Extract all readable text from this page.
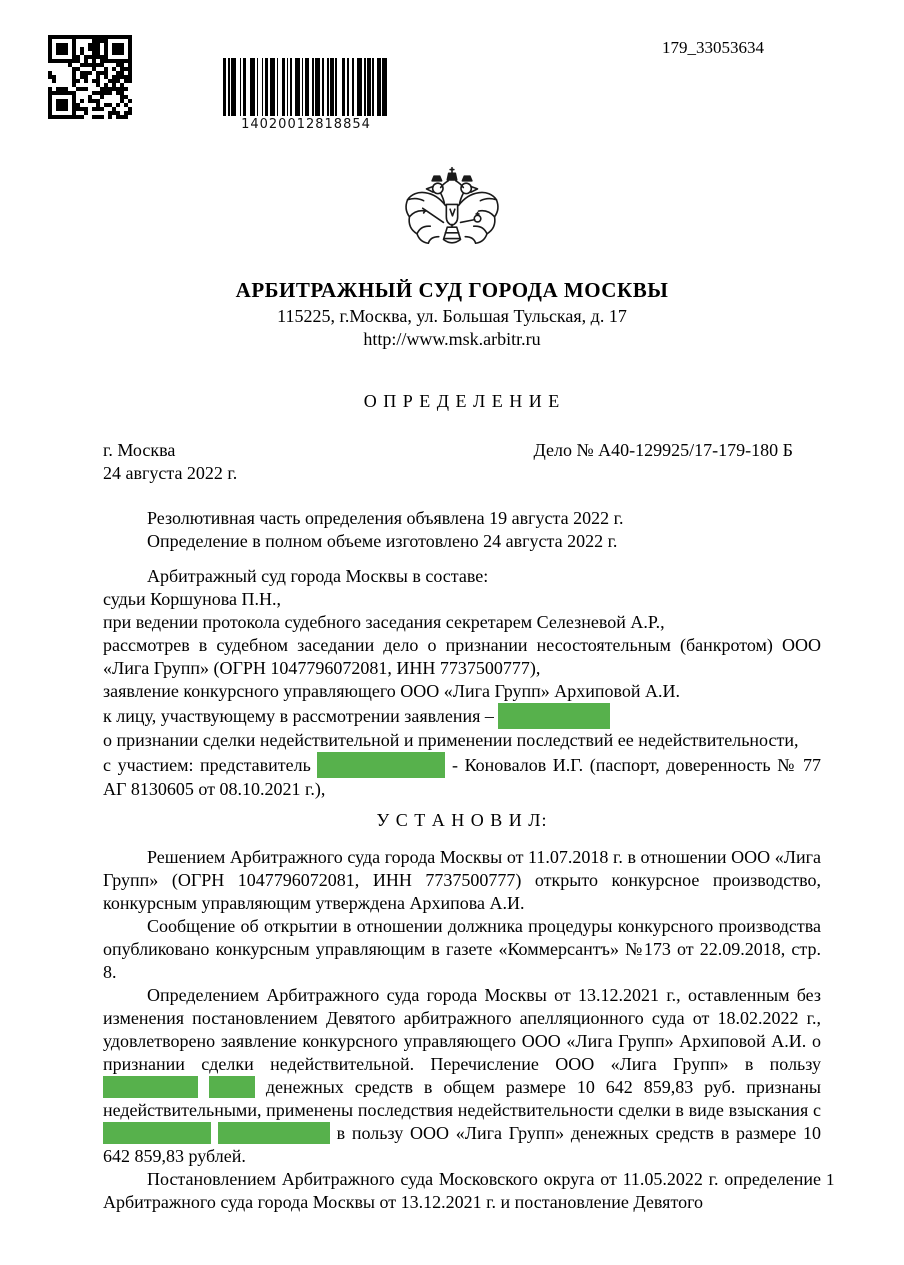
14020012818854
179_33053634
АРБИТРАЖНЫЙ СУД ГОРОДА МОСКВЫ
115225, г.Москва, ул. Большая Тульская, д. 17
http://www.msk.arbitr.ru
О П Р Е Д Е Л Е Н И Е
г. Москва	Дело № А40-129925/17-179-180 Б
24 августа 2022 г.

Резолютивная часть определения объявлена 19 августа 2022 г.

Определение в полном объеме изготовлено 24 августа 2022 г.

Арбитражный суд города Москвы в составе:

судьи Коршунова П.Н.,

при ведении протокола судебного заседания секретарем Селезневой А.Р.,

рассмотрев в судебном заседании дело о признании несостоятельным (банкротом) ООО «Лига Групп» (ОГРН 1047796072081, ИНН 7737500777),

заявление конкурсного управляющего ООО «Лига Групп» Архиповой А.И.

к лицу, участвующему в рассмотрении заявления –

о признании сделки недействительной и применении последствий ее недействительности,

с участием: представитель	- Коновалов И.Г. (паспорт, доверенность № 77 АГ 8130605 от 08.10.2021 г.),

У С Т А Н О В И Л:

Решением Арбитражного суда города Москвы от 11.07.2018 г. в отношении ООО «Лига Групп» (ОГРН 1047796072081, ИНН 7737500777) открыто конкурсное производство, конкурсным управляющим утверждена Архипова А.И.

Сообщение об открытии в отношении должника процедуры конкурсного производства опубликовано конкурсным управляющим в газете «Коммерсантъ» №173 от 22.09.2018, стр. 8.

Определением Арбитражного суда города Москвы от 13.12.2021 г., оставленным без изменения постановлением Девятого арбитражного апелляционного суда от 18.02.2022 г., удовлетворено заявление конкурсного управляющего ООО «Лига Групп» Архиповой А.И. о признании сделки недействительной. Перечисление ООО «Лига Групп» в пользу   денежных средств в общем размере 10 642 859,83 руб. признаны недействительными, применены последствия недействительности сделки в виде взыскания с   в пользу ООО «Лига Групп» денежных средств в размере 10 642 859,83 рублей.

Постановлением Арбитражного суда Московского округа от 11.05.2022 г. определение Арбитражного суда города Москвы от 13.12.2021 г. и постановление Девятого

1
